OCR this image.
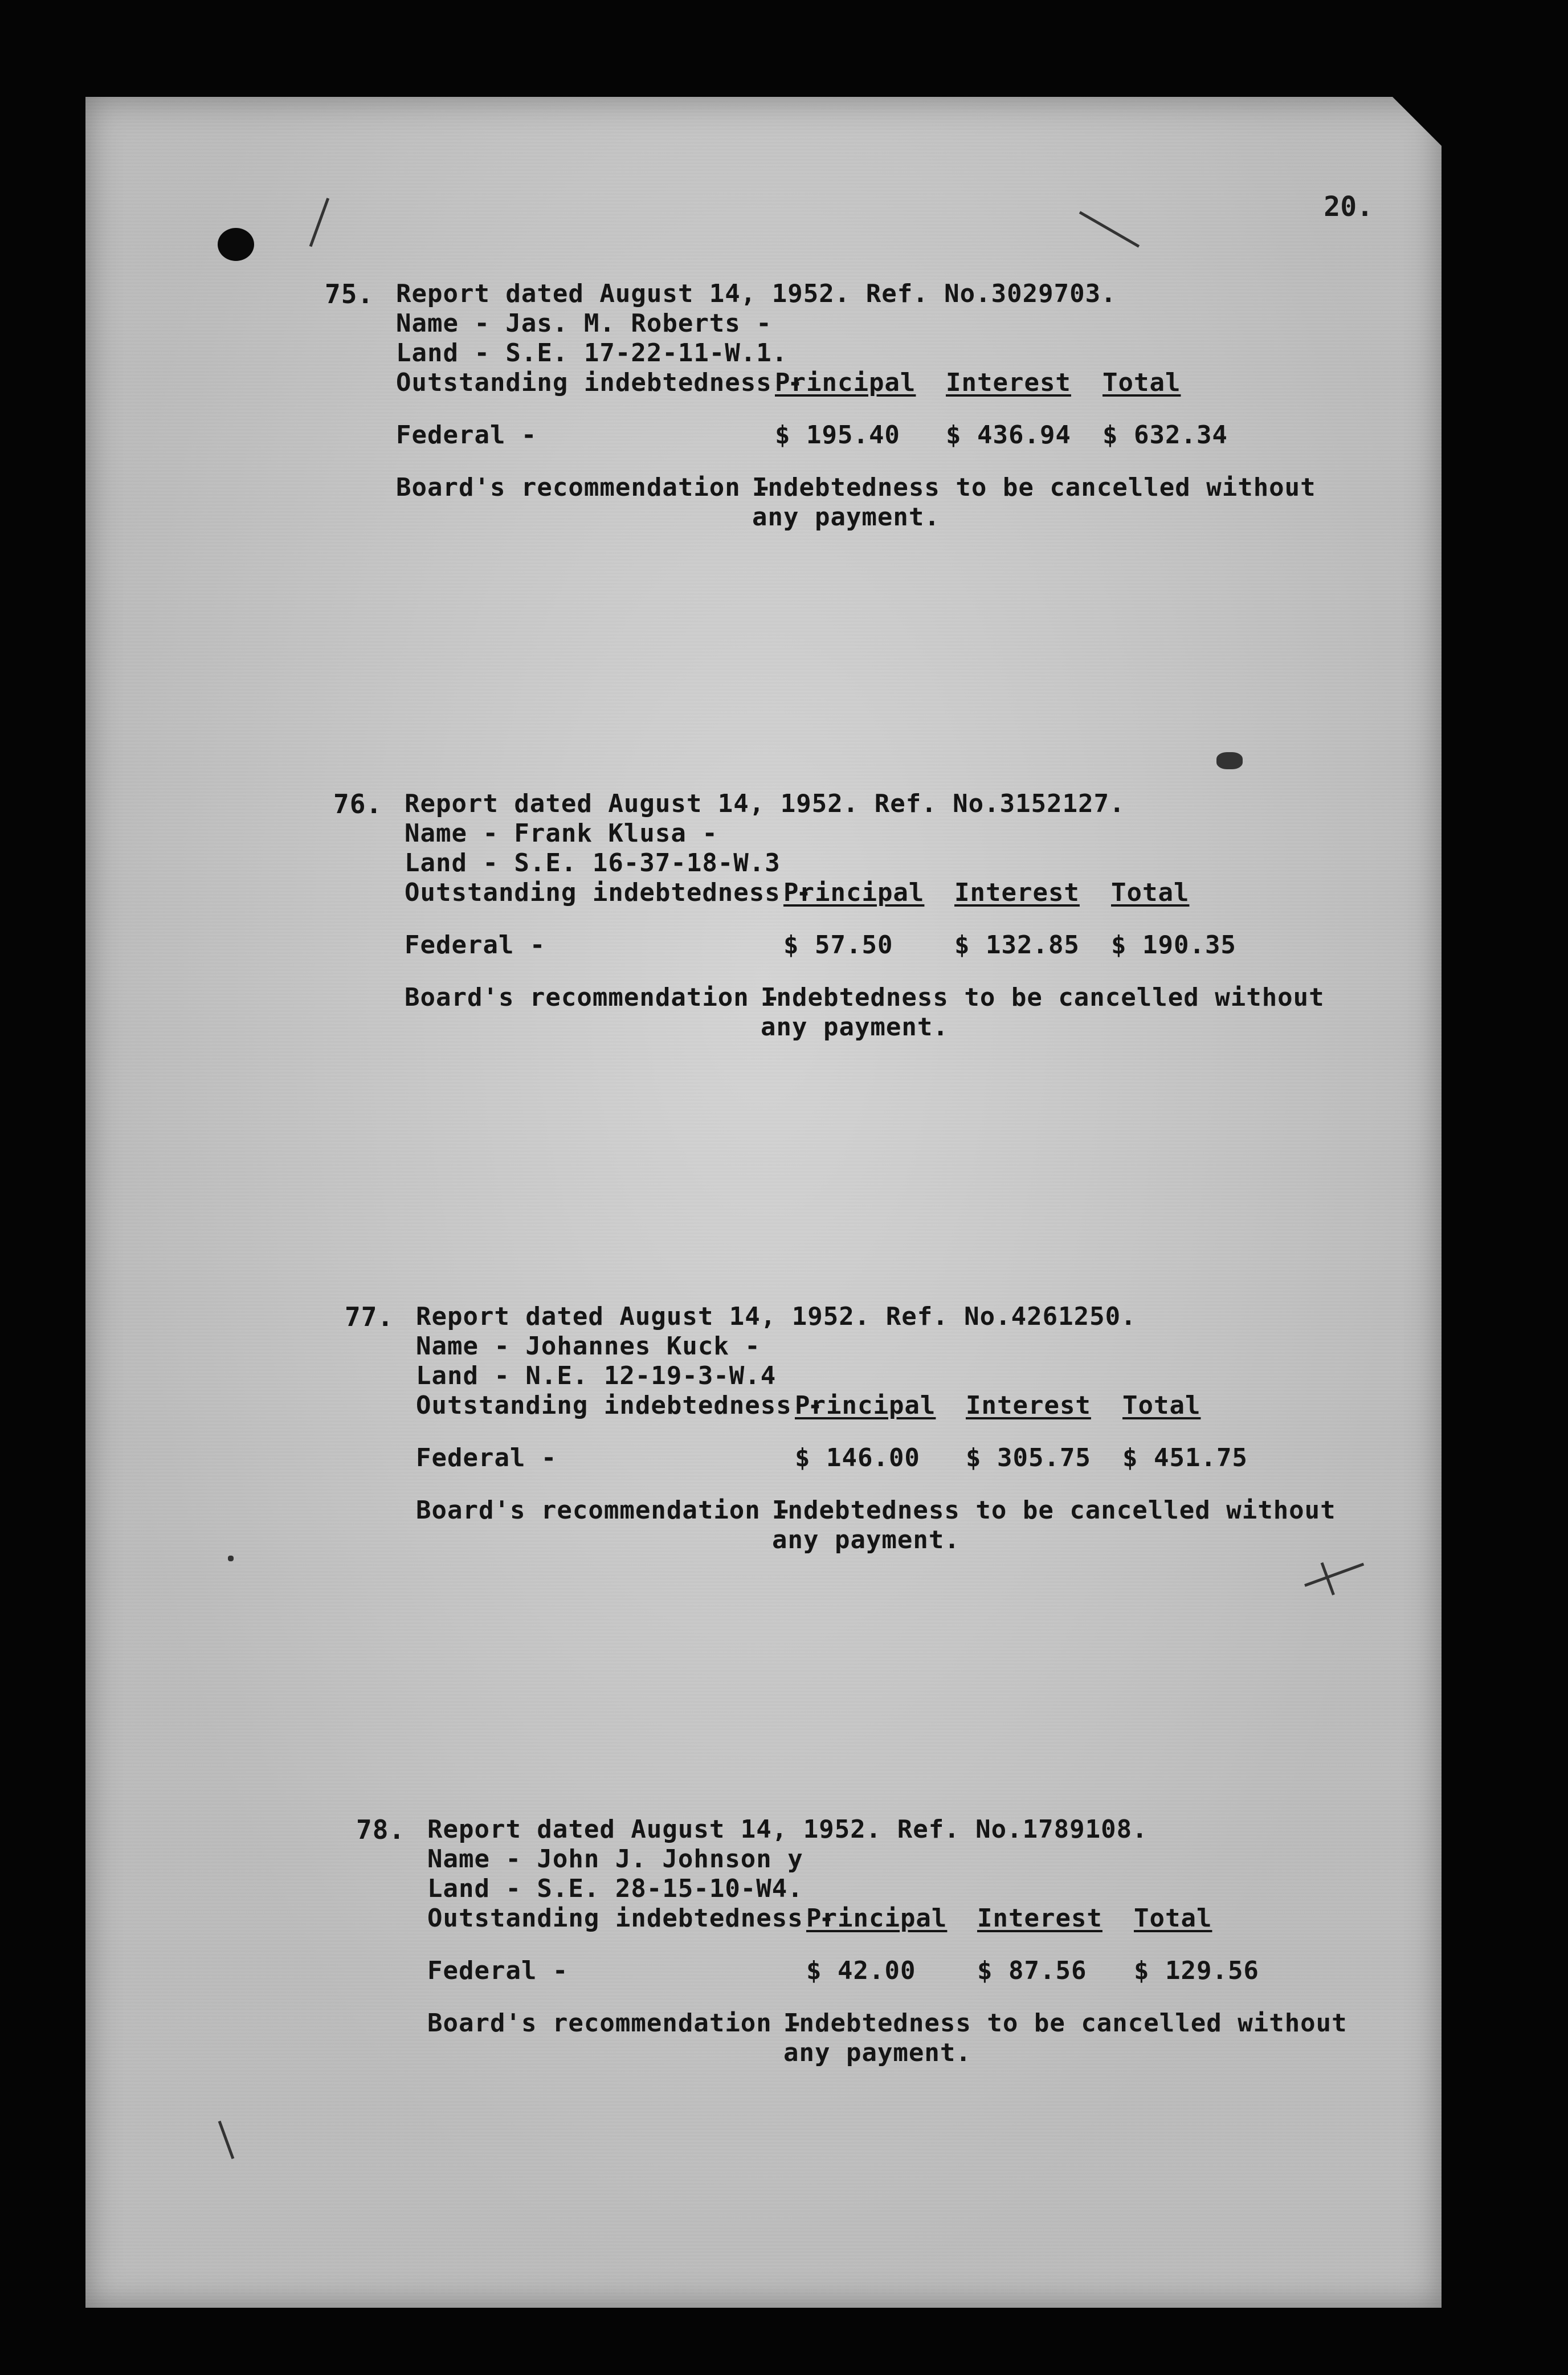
20.
75. Report dated August 14, 1952. Ref. No.3029703.
Name - Jas. M. Roberts -
Land - S.E. 17-22-11-W.1.
Outstanding indebtedness -
Principal Interest Total
Federal -	$ 195.40 $ 436.94 $ 632.34
Board's recommendation -
Indebtedness to be cancelled without
any payment.
76. Report dated August 14, 1952. Ref. No.3152127.
Name - Frank Klusa -
Land - S.E. 16-37-18-W.3
Outstanding indebtedness -
Principal Interest Total
Federal -	$ 57.50 $ 132.85 $ 190.35
Board's recommendation -
Indebtedness to be cancelled without
any payment.
77. Report dated August 14, 1952. Ref. No.4261250.
Name - Johannes Kuck -
Land - N.E. 12-19-3-W.4
Outstanding indebtedness -
Principal Interest Total
Federal -	$ 146.00 $ 305.75 $ 451.75
Board's recommendation -
Indebtedness to be cancelled without
any payment.
78. Report dated August 14, 1952. Ref. No.1789108.
Name - John J. Johnson y
Land - S.E. 28-15-10-W4.
Outstanding indebtedness -
Principal Interest Total
Federal -	$ 42.00 $ 87.56 $ 129.56
Board's recommendation -
Indebtedness to be cancelled without
any payment.
